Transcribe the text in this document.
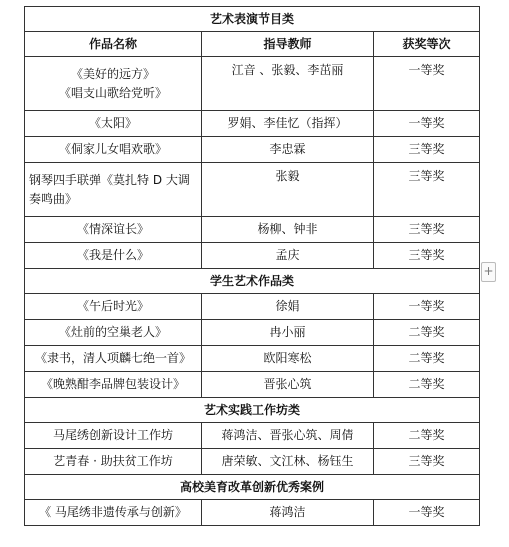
艺术表演节目类		
作品名称	指导教师	获奖等次
《美好的远方》
《唱支山歌给党听》	江音 、张毅、李茁丽	一等奖
《太阳》	罗娟、李佳忆（指挥）	一等奖
《侗家儿女唱欢歌》	李忠霖	三等奖
钢琴四手联弹《莫扎特 D 大调
奏鸣曲》	张毅	三等奖
《情深谊长》	杨柳、钟非	三等奖
《我是什么》	孟庆	三等奖
学生艺术作品类		
《午后时光》	徐娟	一等奖
《灶前的空巢老人》	冉小丽	二等奖
《隶书，清人项麟七绝一首》	欧阳寒松	二等奖
《晚熟酣李品牌包装设计》	晋张心筑	二等奖
艺术实践工作坊类		
马尾绣创新设计工作坊	蒋鸿洁、晋张心筑、周倩	二等奖
艺青春 · 助扶贫工作坊	唐荣敏、文江林、杨钰生	三等奖
高校美育改革创新优秀案例		
《 马尾绣非遗传承与创新》	蒋鸿洁	一等奖
+
